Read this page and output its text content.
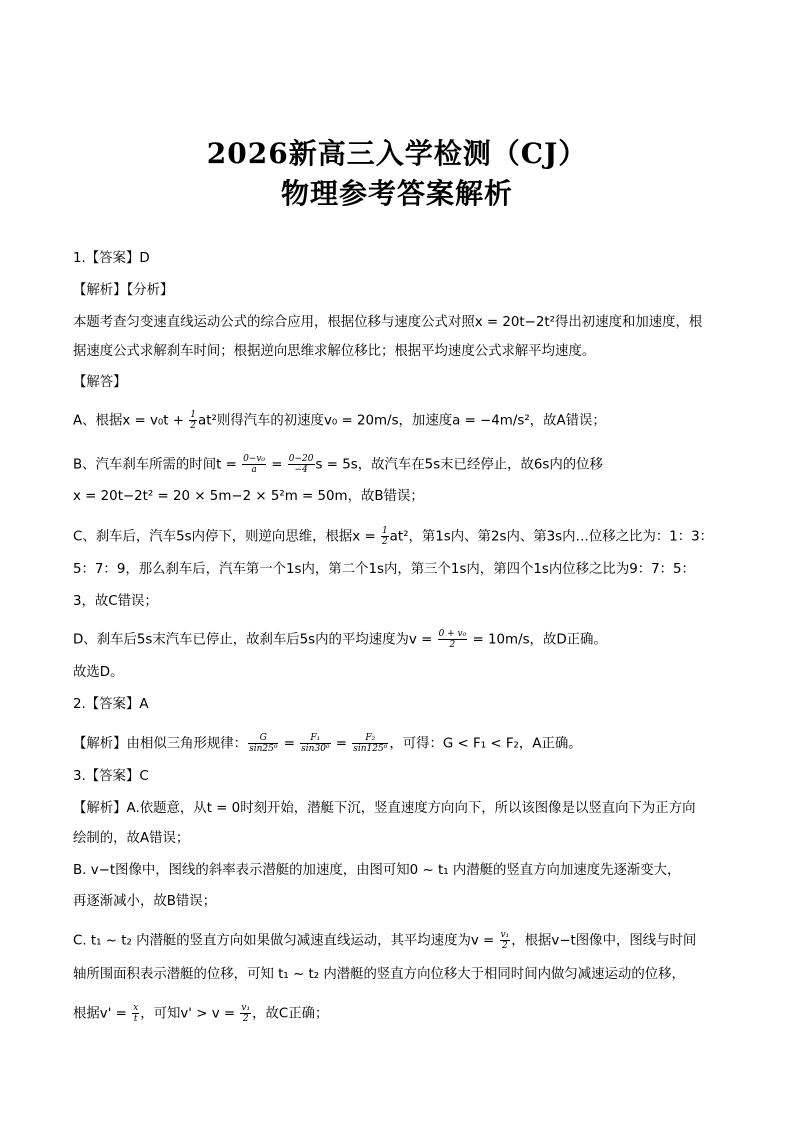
2026新高三入学检测（CJ）
物理参考答案解析
1.【答案】D
【解析】【分析】
本题考查匀变速直线运动公式的综合应用，根据位移与速度公式对照x = 20t−2t²得出初速度和加速度，根
据速度公式求解刹车时间；根据逆向思维求解位移比；根据平均速度公式求解平均速度。
【解答】
A、根据$x = v_0t + \frac{1}{2} at^2$则得汽车的初速度v₀ = 20m/s，加速度a = −4m/s²，故A错误；
B、汽车刹车所需的时间$t = \frac{\text{0−v₀}}{a} = \frac{0-20}{-4}$ s = 5s，故汽车在5s末已经停止，故6s内的位移
x = 20t−2t² = 20 × 5m−2 × 5²m = 50m，故B错误；
C、刹车后，汽车5s内停下，则逆向思维，根据$x = \frac{1}{2} at^2$，第1s内、第2s内、第3s内…位移之比为：1：3：
5：7：9，那么刹车后，汽车第一个1s内，第二个1s内，第三个1s内，第四个1s内位移之比为9：7：5：
3，故C错误；
D、刹车后5s末汽车已停止，故刹车后5s内的平均速度为$v = \frac{\text{0 + v₀}}{2} = 10m/s$，故D正确。
故选D。
2.【答案】A
【解析】由相似三角形规律： $\frac{G}{\text{sin25⁰}} = \frac{\text{F₁}}{\text{sin30⁰}} = \frac{\text{F₂}}{\text{sin125⁰}}$ ，可得：G < F₁ < F₂，A正确。
3.【答案】C
【解析】A.依题意，从t = 0时刻开始，潜艇下沉，竖直速度方向向下，所以该图像是以竖直向下为正方向
绘制的，故A错误；
B. v−t图像中，图线的斜率表示潜艇的加速度，由图可知0 ~ t₁ 内潜艇的竖直方向加速度先逐渐变大，
再逐渐减小，故B错误；
C. t₁ ~ t₂ 内潜艇的竖直方向如果做匀减速直线运动，其平均速度为$v = \frac{\text{v₁}}{2}$ ，根据v−t图像中，图线与时间
轴所围面积表示潜艇的位移，可知 t₁ ~ t₂ 内潜艇的竖直方向位移大于相同时间内做匀减速运动的位移，
根据$v' = \frac{x}{t}$ ，可知$v' > v = \frac{\text{v₁}}{2}$ ，故C正确；
